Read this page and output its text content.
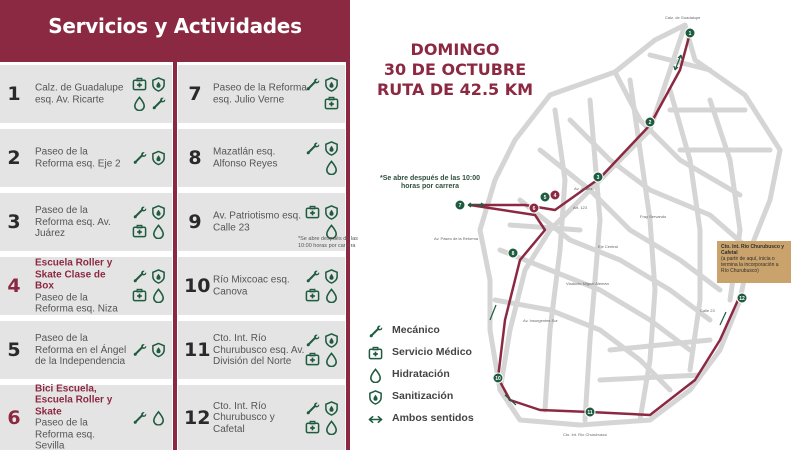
Servicios y Actividades
1 Calz. de Guadalupe esq. Av. Ricarte
2 Paseo de la Reforma esq. Eje 2
3
Paseo de la Reforma esq. Av. Juárez
4
Escuela Roller y Skate Clase de Box
Paseo de la Reforma esq. Niza
5
Paseo de la Reforma en el Ángel de la Independencia
6
Bici Escuela, Escuela Roller y Skate
Paseo de la Reforma esq. Sevilla
7	Paseo de la Reforma esq. Julio Verne
8	Mazatlán esq. Alfonso Reyes
9	Av. Patriotismo esq. Calle 23
10 Río Mixcoac esq. Canova
11
Cto. Int. Río Churubusco esq. Av. División del Norte
12
Cto. Int. Río Churubusco y Cafetal
*Se abre después de las 10:00 horas por carrera
1
2
3
4
5
6
7
8
10
11
12
DOMINGO
30 DE OCTUBRE
RUTA DE 42.5 KM
*Se abre después de las 10:00 horas por carrera
Cto. Int. Río Churubusco y Cafetal
(a partir de aquí, inicia o termina la incorporación a Río Churubusco)
Calz. de Guadalupe
Av. Paseo de la Reforma
Av. Juárez
Eje Central
Viaducto Miguel Alemán
Cto. Int. Río Churubusco
Av. Insurgentes Sur
Calle 23
Art. 123
Fray Servando
Mecánico
Servicio Médico
Hidratación
Sanitización
Ambos sentidos
